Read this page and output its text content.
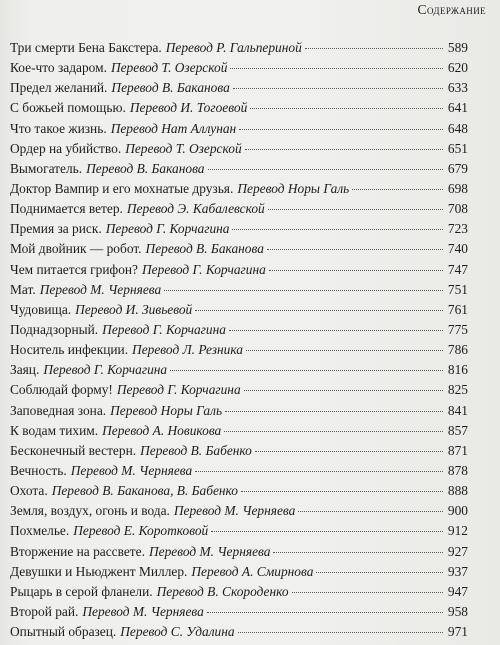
Содержание
Три смерти Бена Бакстера. Перевод Р. Гальпериной	589
Кое-что задаром. Перевод Т. Озерской	620
Предел желаний. Перевод В. Баканова	633
С божьей помощью. Перевод И. Тогоевой	641
Что такое жизнь. Перевод Нат Аллунан	648
Ордер на убийство. Перевод Т. Озерской	651
Вымогатель. Перевод В. Баканова	679
Доктор Вампир и его мохнатые друзья. Перевод Норы Галь	698
Поднимается ветер. Перевод Э. Кабалевской	708
Премия за риск. Перевод Г. Корчагина	723
Мой двойник — робот. Перевод В. Баканова	740
Чем питается грифон? Перевод Г. Корчагина	747
Мат. Перевод М. Черняева	751
Чудовища. Перевод И. Зивьевой	761
Поднадзорный. Перевод Г. Корчагина	775
Носитель инфекции. Перевод Л. Резника	786
Заяц. Перевод Г. Корчагина	816
Соблюдай форму! Перевод Г. Корчагина	825
Заповедная зона. Перевод Норы Галь	841
К водам тихим. Перевод А. Новикова	857
Бесконечный вестерн. Перевод В. Бабенко	871
Вечность. Перевод М. Черняева	878
Охота. Перевод В. Баканова, В. Бабенко	888
Земля, воздух, огонь и вода. Перевод М. Черняева	900
Похмелье. Перевод Е. Коротковой	912
Вторжение на рассвете. Перевод М. Черняева	927
Девушки и Ньюджент Миллер. Перевод А. Смирнова	937
Рыцарь в серой фланели. Перевод В. Скороденко	947
Второй рай. Перевод М. Черняева	958
Опытный образец. Перевод С. Удалина	971
